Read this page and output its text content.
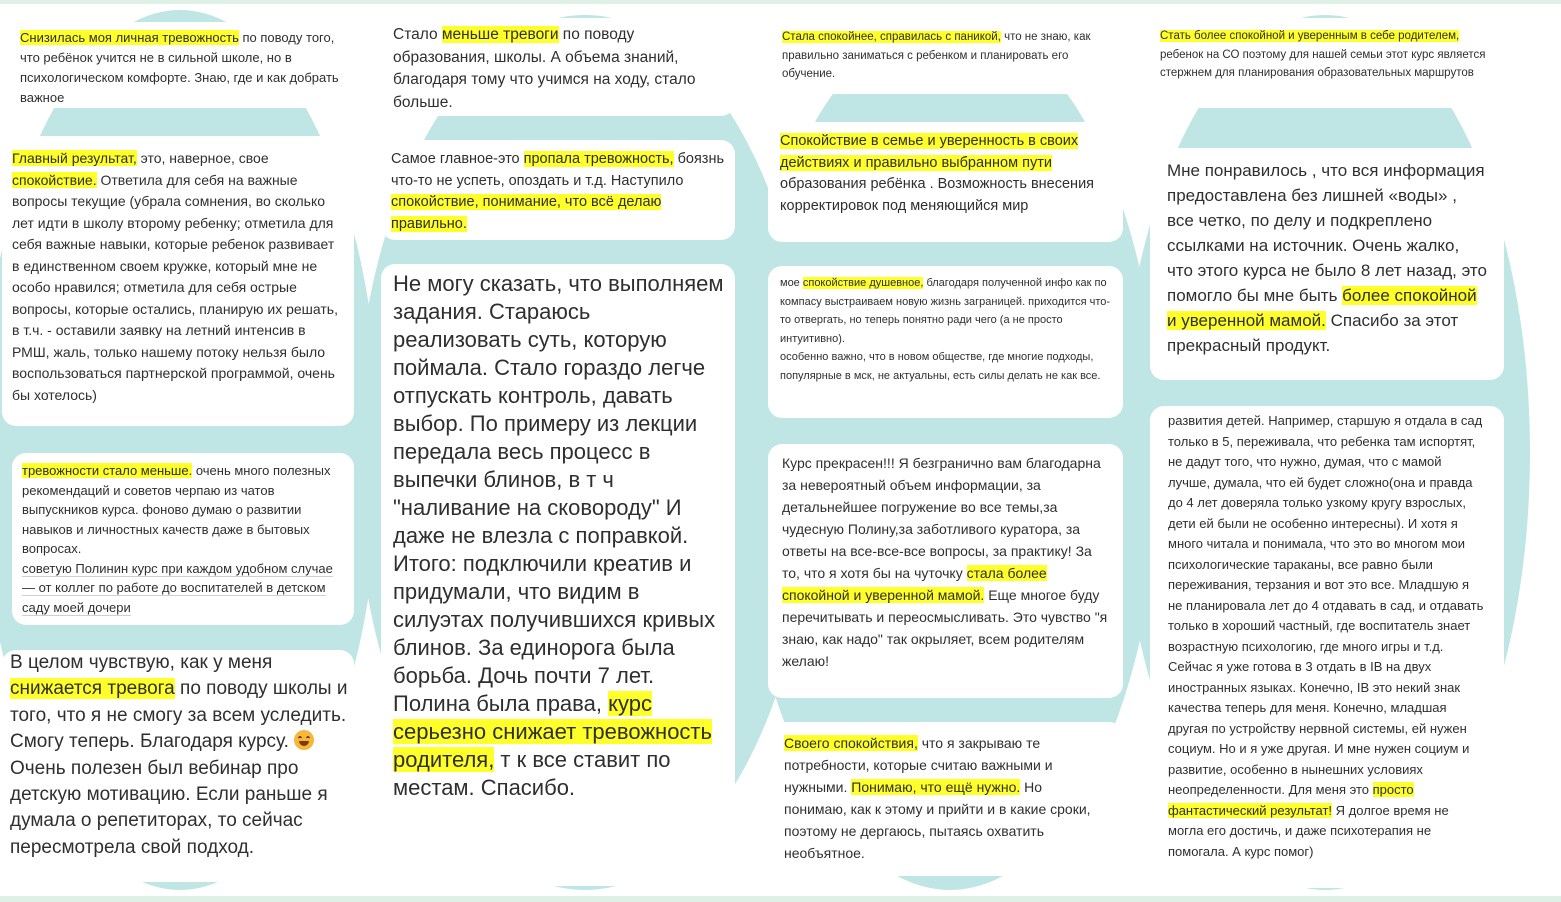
Снизилась моя личная тревожность по поводу того, что ребёнок учится не в сильной школе, но в психологическом комфорте. Знаю, где и как добрать важное

Главный результат, это, наверное, свое спокойствие. Ответила для себя на важные вопросы текущие (убрала сомнения, во сколько лет идти в школу второму ребенку; отметила для себя важные навыки, которые ребенок развивает в единственном своем кружке, который мне не особо нравился; отметила для себя острые вопросы, которые остались, планирую их решать, в т.ч. - оставили заявку на летний интенсив в РМШ, жаль, только нашему потоку нельзя было воспользоваться партнерской программой, очень бы хотелось)

тревожности стало меньше. очень много полезных рекомендаций и советов черпаю из чатов выпускников курса. фоново думаю о развитии навыков и личностных качеств даже в бытовых вопросах.

советую Полинин курс при каждом удобном случае — от коллег по работе до воспитателей в детском саду моей дочери

В целом чувствую, как у меня снижается тревога по поводу школы и того, что я не смогу за всем уследить. Смогу теперь. Благодаря курсу.

Очень полезен был вебинар про детскую мотивацию. Если раньше я думала о репетиторах, то сейчас пересмотрела свой подход.

Стало меньше тревоги по поводу образования, школы. А объема знаний, благодаря тому что учимся на ходу, стало больше.

Самое главное-это пропала тревожность, боязнь что-то не успеть, опоздать и т.д. Наступило спокойствие, понимание, что всё делаю правильно.

Не могу сказать, что выполняем задания. Стараюсь реализовать суть, которую поймала. Стало гораздо легче отпускать контроль, давать выбор. По примеру из лекции передала весь процесс в выпечки блинов, в т ч "наливание на сковороду" И даже не влезла с поправкой. Итого: подключили креатив и придумали, что видим в силуэтах получившихся кривых блинов. За единорога была борьба. Дочь почти 7 лет.

Полина была права, курс серьезно снижает тревожность родителя, т к все ставит по местам. Спасибо.

Стала спокойнее, справилась с паникой, что не знаю, как правильно заниматься с ребенком и планировать его обучение.

Спокойствие в семье и уверенность в своих действиях и правильно выбранном пути образования ребёнка . Возможность внесения корректировок под меняющийся мир

мое спокойствие душевное, благодаря полученной инфо как по компасу выстраиваем новую жизнь заграницей. приходится что-то отвергать, но теперь понятно ради чего (а не просто интуитивно).

особенно важно, что в новом обществе, где многие подходы, популярные в мск, не актуальны, есть силы делать не как все.

Курс прекрасен!!! Я безгранично вам благодарна за невероятный объем информации, за детальнейшее погружение во все темы,за чудесную Полину,за заботливого куратора, за ответы на все-все-все вопросы, за практику! За то, что я хотя бы на чуточку стала более спокойной и уверенной мамой. Еще многое буду перечитывать и переосмысливать. Это чувство "я знаю, как надо" так окрыляет, всем родителям желаю!

Своего спокойствия, что я закрываю те потребности, которые считаю важными и нужными. Понимаю, что ещё нужно. Но понимаю, как к этому и прийти и в какие сроки, поэтому не дергаюсь, пытаясь охватить необъятное.

Стать более спокойной и уверенным в себе родителем, ребенок на СО поэтому для нашей семьи этот курс является стержнем для планирования образовательных маршрутов

Мне понравилось , что вся информация предоставлена без лишней «воды» , все четко, по делу и подкреплено ссылками на источник. Очень жалко, что этого курса не было 8 лет назад, это помогло бы мне быть более спокойной и уверенной мамой. Спасибо за этот прекрасный продукт.

развития детей. Например, старшую я отдала в сад только в 5, переживала, что ребенка там испортят, не дадут того, что нужно, думая, что с мамой лучше, думала, что ей будет сложно(она и правда до 4 лет доверяла только узкому кругу взрослых, дети ей были не особенно интересны). И хотя я много читала и понимала, что это во многом мои психологические тараканы, все равно были переживания, терзания и вот это все. Младшую я не планировала лет до 4 отдавать в сад, и отдавать только в хороший частный, где воспитатель знает возрастную психологию, где много игры и т.д. Сейчас я уже готова в 3 отдать в IB на двух иностранных языках. Конечно, IB это некий знак качества теперь для меня. Конечно, младшая другая по устройству нервной системы, ей нужен социум. Но и я уже другая. И мне нужен социум и развитие, особенно в нынешних условиях неопределенности. Для меня это просто фантастический результат! Я долгое время не могла его достичь, и даже психотерапия не помогала. А курс помог)
